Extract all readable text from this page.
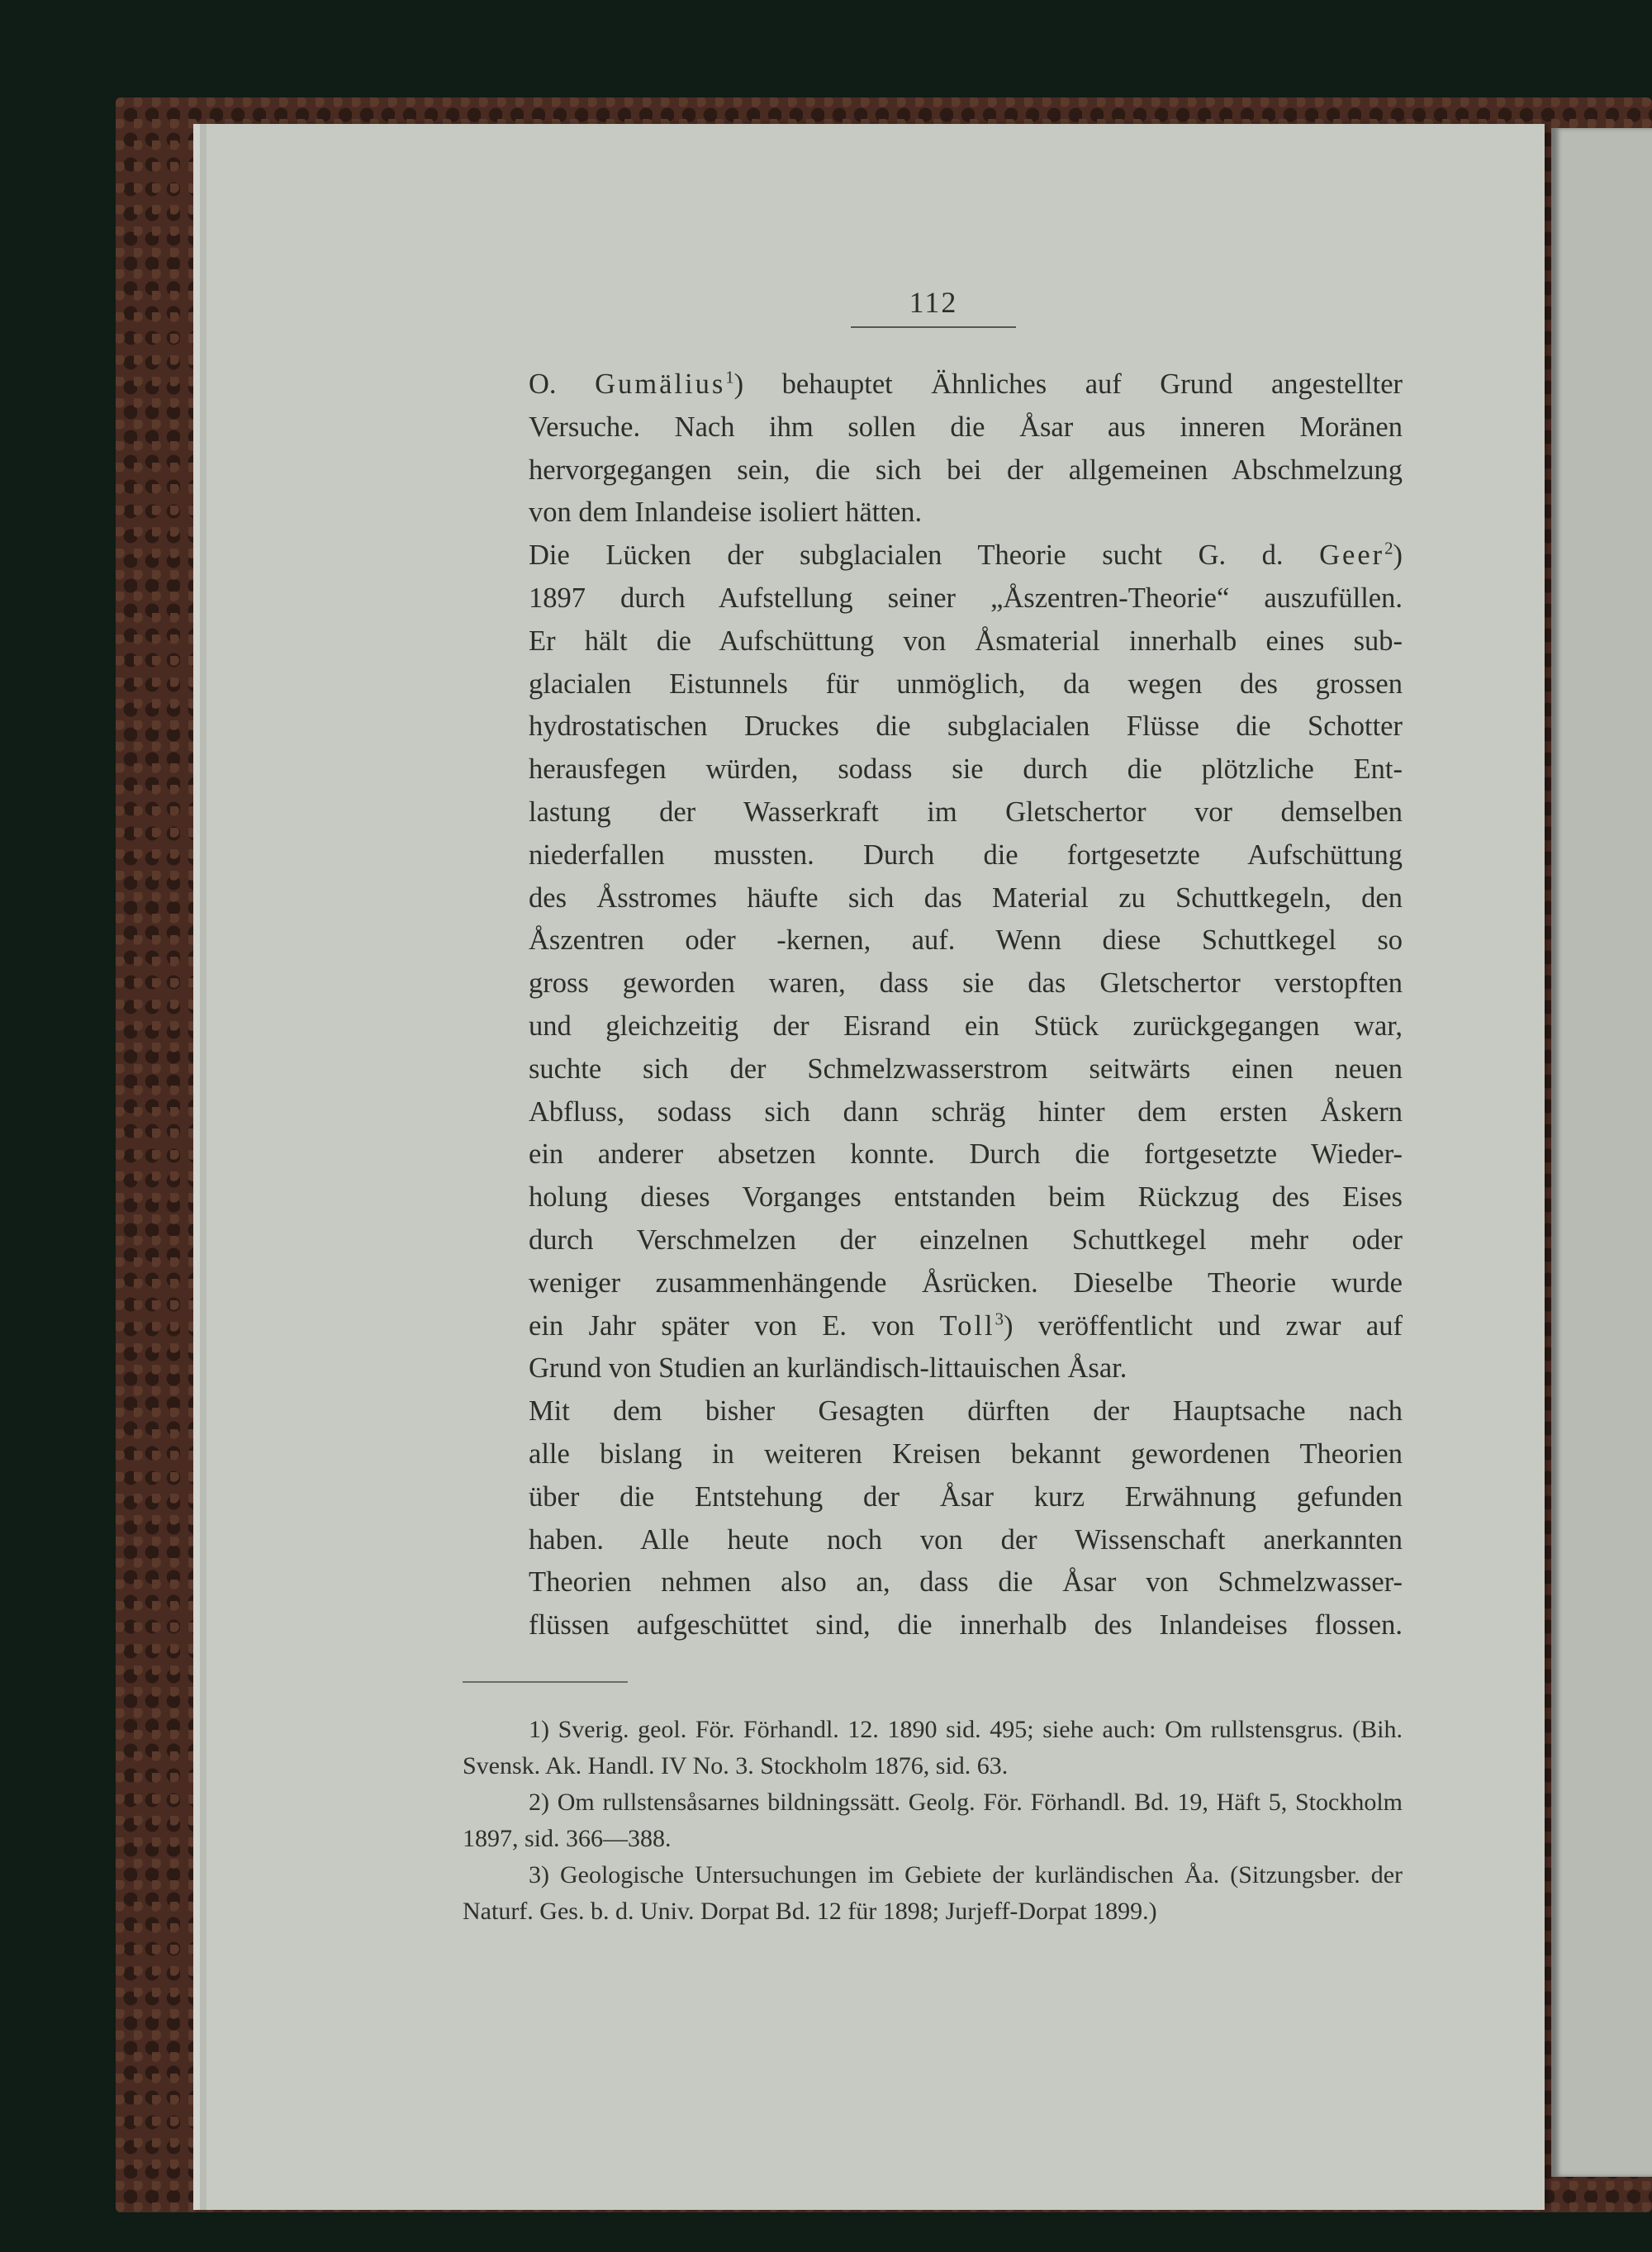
112

O. Gumälius$^1$) behauptet Ähnliches auf Grund angestellter
Versuche. Nach ihm sollen die Åsar aus inneren Moränen
hervorgegangen sein, die sich bei der allgemeinen Abschmelzung
von dem Inlandeise isoliert hätten.

Die Lücken der subglacialen Theorie sucht G. d. Geer$^2$)
1897 durch Aufstellung seiner „Åszentren-Theorie“ auszufüllen.
Er hält die Aufschüttung von Åsmaterial innerhalb eines sub-
glacialen Eistunnels für unmöglich, da wegen des grossen
hydrostatischen Druckes die subglacialen Flüsse die Schotter
herausfegen würden, sodass sie durch die plötzliche Ent-
lastung der Wasserkraft im Gletschertor vor demselben
niederfallen mussten. Durch die fortgesetzte Aufschüttung
des Åsstromes häufte sich das Material zu Schuttkegeln, den
Åszentren oder -kernen, auf. Wenn diese Schuttkegel so
gross geworden waren, dass sie das Gletschertor verstopften
und gleichzeitig der Eisrand ein Stück zurückgegangen war,
suchte sich der Schmelzwasserstrom seitwärts einen neuen
Abfluss, sodass sich dann schräg hinter dem ersten Åskern
ein anderer absetzen konnte. Durch die fortgesetzte Wieder-
holung dieses Vorganges entstanden beim Rückzug des Eises
durch Verschmelzen der einzelnen Schuttkegel mehr oder
weniger zusammenhängende Åsrücken. Dieselbe Theorie wurde
ein Jahr später von E. von Toll$^3$) veröffentlicht und zwar auf
Grund von Studien an kurländisch-littauischen Åsar.

Mit dem bisher Gesagten dürften der Hauptsache nach
alle bislang in weiteren Kreisen bekannt gewordenen Theorien
über die Entstehung der Åsar kurz Erwähnung gefunden
haben. Alle heute noch von der Wissenschaft anerkannten
Theorien nehmen also an, dass die Åsar von Schmelzwasser-
flüssen aufgeschüttet sind, die innerhalb des Inlandeises flossen.

1) Sverig. geol. För. Förhandl. 12. 1890 sid. 495; siehe auch: Om rullstensgrus. (Bih. Svensk. Ak. Handl. IV No. 3. Stockholm 1876, sid. 63.

2) Om rullstensåsarnes bildningssätt. Geolg. För. Förhandl. Bd. 19, Häft 5, Stockholm 1897, sid. 366—388.

3) Geologische Untersuchungen im Gebiete der kurländischen Åa. (Sitzungsber. der Naturf. Ges. b. d. Univ. Dorpat Bd. 12 für 1898; Jurjeff-Dorpat 1899.)
